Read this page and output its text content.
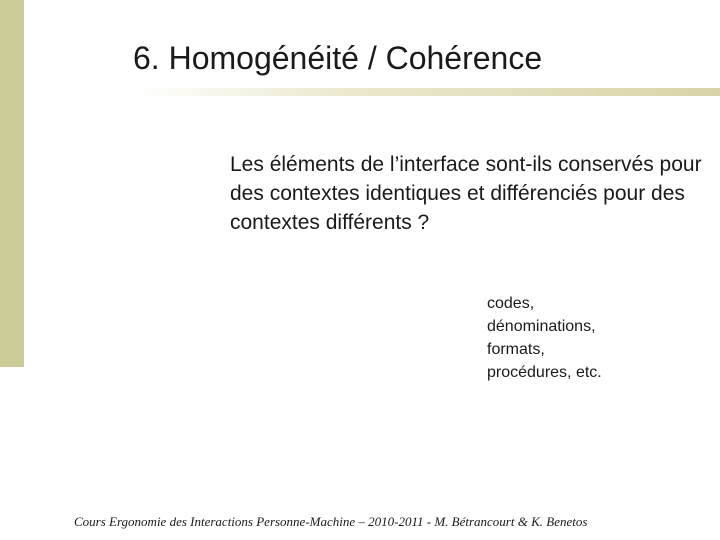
6. Homogénéité / Cohérence
Les éléments de l’interface sont-ils conservés pour des contextes identiques et différenciés pour des contextes différents ?
codes,
dénominations,
formats,
procédures, etc.
Cours Ergonomie des Interactions Personne-Machine – 2010-2011 - M. Bétrancourt & K. Benetos
